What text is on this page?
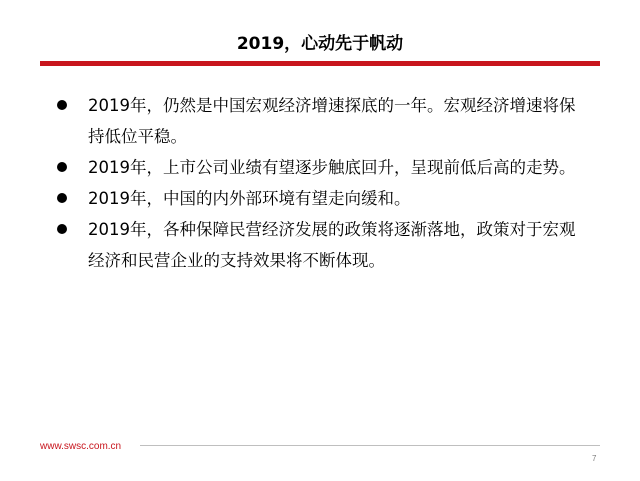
2019，心动先于帆动
2019年，仍然是中国宏观经济增速探底的一年。宏观经济增速将保持低位平稳。
2019年，上市公司业绩有望逐步触底回升，呈现前低后高的走势。
2019年，中国的内外部环境有望走向缓和。
2019年，各种保障民营经济发展的政策将逐渐落地，政策对于宏观经济和民营企业的支持效果将不断体现。
www.swsc.com.cn
7
